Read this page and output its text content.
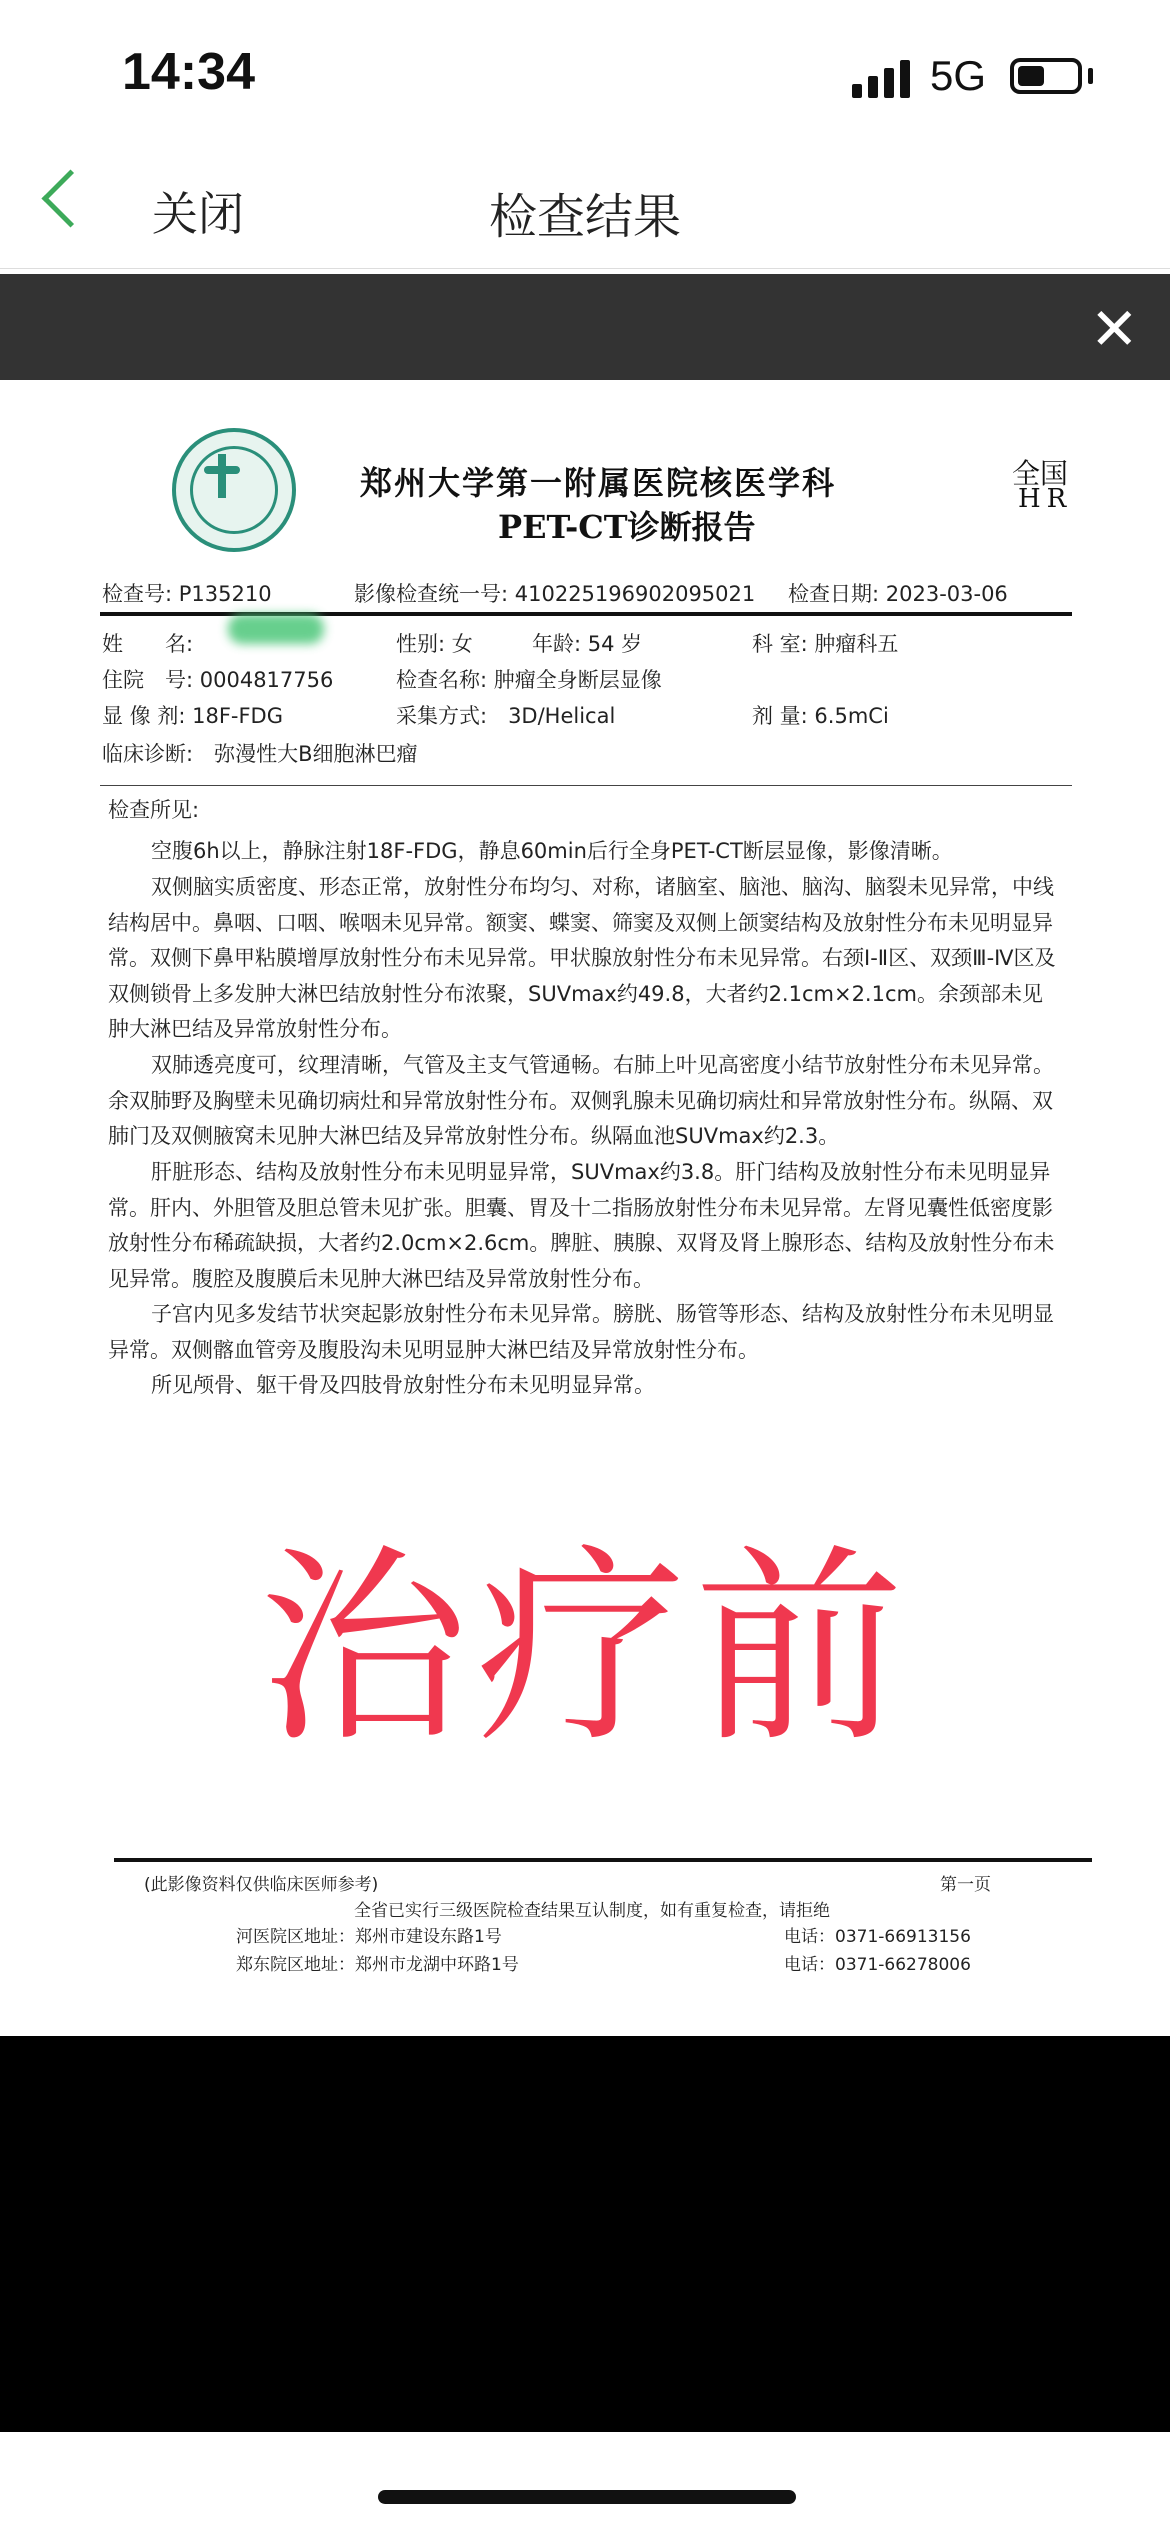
14:34	5G
关闭	检查结果
✕
郑州大学第一附属医院核医学科
PET-CT诊断报告
全国
HR
检查号: P135210	影像检查统一号: 410225196902095021 检查日期: 2023-03-06
姓　　名:	性别: 女	年龄: 54 岁	科 室: 肿瘤科五
住院　号: 0004817756	检查名称: 肿瘤全身断层显像
显 像 剂: 18F-FDG	采集方式:　3D/Helical	剂 量: 6.5mCi
临床诊断:　弥漫性大B细胞淋巴瘤
检查所见:
治疗前
(此影像资料仅供临床医师参考)	第一页
全省已实行三级医院检查结果互认制度，如有重复检查，请拒绝
河医院区地址：郑州市建设东路1号	电话：0371-66913156
郑东院区地址：郑州市龙湖中环路1号	电话：0371-66278006

空腹6h以上，静脉注射18F-FDG，静息60min后行全身PET-CT断层显像，影像清晰。

双侧脑实质密度、形态正常，放射性分布均匀、对称，诸脑室、脑池、脑沟、脑裂未见异常，中线结构居中。鼻咽、口咽、喉咽未见异常。额窦、蝶窦、筛窦及双侧上颌窦结构及放射性分布未见明显异常。双侧下鼻甲粘膜增厚放射性分布未见异常。甲状腺放射性分布未见异常。右颈Ⅰ-Ⅱ区、双颈Ⅲ-Ⅳ区及双侧锁骨上多发肿大淋巴结放射性分布浓聚，SUVmax约49.8，大者约2.1cm×2.1cm。余颈部未见肿大淋巴结及异常放射性分布。

双肺透亮度可，纹理清晰，气管及主支气管通畅。右肺上叶见高密度小结节放射性分布未见异常。余双肺野及胸壁未见确切病灶和异常放射性分布。双侧乳腺未见确切病灶和异常放射性分布。纵隔、双肺门及双侧腋窝未见肿大淋巴结及异常放射性分布。纵隔血池SUVmax约2.3。

肝脏形态、结构及放射性分布未见明显异常，SUVmax约3.8。肝门结构及放射性分布未见明显异常。肝内、外胆管及胆总管未见扩张。胆囊、胃及十二指肠放射性分布未见异常。左肾见囊性低密度影放射性分布稀疏缺损，大者约2.0cm×2.6cm。脾脏、胰腺、双肾及肾上腺形态、结构及放射性分布未见异常。腹腔及腹膜后未见肿大淋巴结及异常放射性分布。

子宫内见多发结节状突起影放射性分布未见异常。膀胱、肠管等形态、结构及放射性分布未见明显异常。双侧髂血管旁及腹股沟未见明显肿大淋巴结及异常放射性分布。

所见颅骨、躯干骨及四肢骨放射性分布未见明显异常。
